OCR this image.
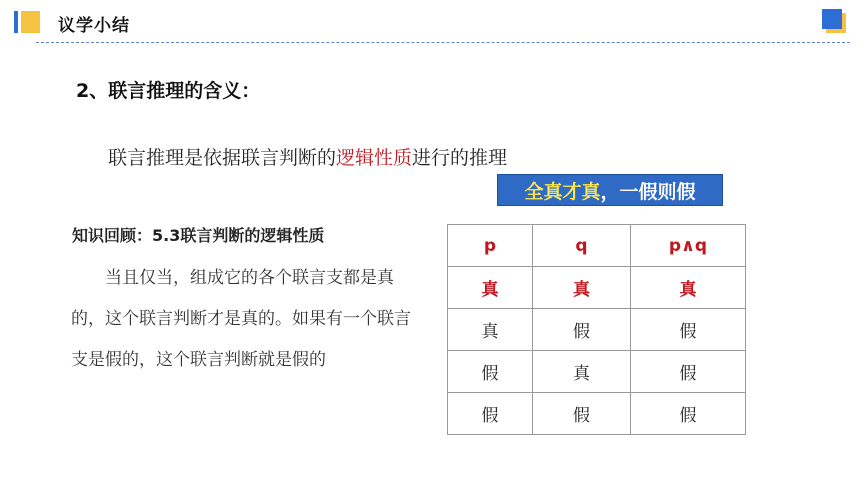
议学小结
2、联言推理的含义：
联言推理是依据联言判断的逻辑性质进行的推理
全真才真 ，一假则假
知识回顾：5.3联言判断的逻辑性质
当且仅当，组成它的各个联言支都是真的，这个联言判断才是真的。如果有一个联言支是假的，这个联言判断就是假的
p	q	p∧q
真	真	真
真	假	假
假	真	假
假	假	假
